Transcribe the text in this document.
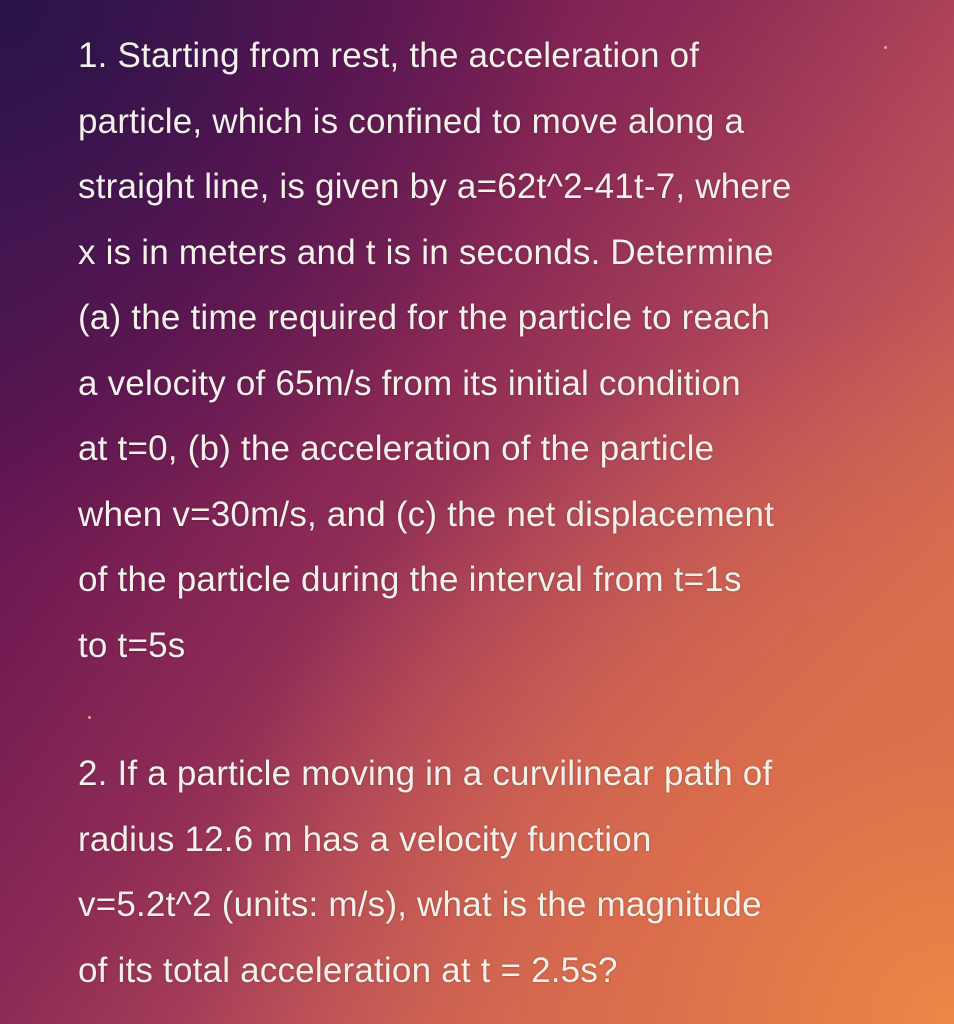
1. Starting from rest, the acceleration of
particle, which is confined to move along a
straight line, is given by a=62t^2-41t-7, where
x is in meters and t is in seconds. Determine
(a) the time required for the particle to reach
a velocity of 65m/s from its initial condition
at t=0, (b) the acceleration of the particle
when v=30m/s, and (c) the net displacement
of the particle during the interval from t=1s
to t=5s
2. If a particle moving in a curvilinear path of
radius 12.6 m has a velocity function
v=5.2t^2 (units: m/s), what is the magnitude
of its total acceleration at t = 2.5s?
